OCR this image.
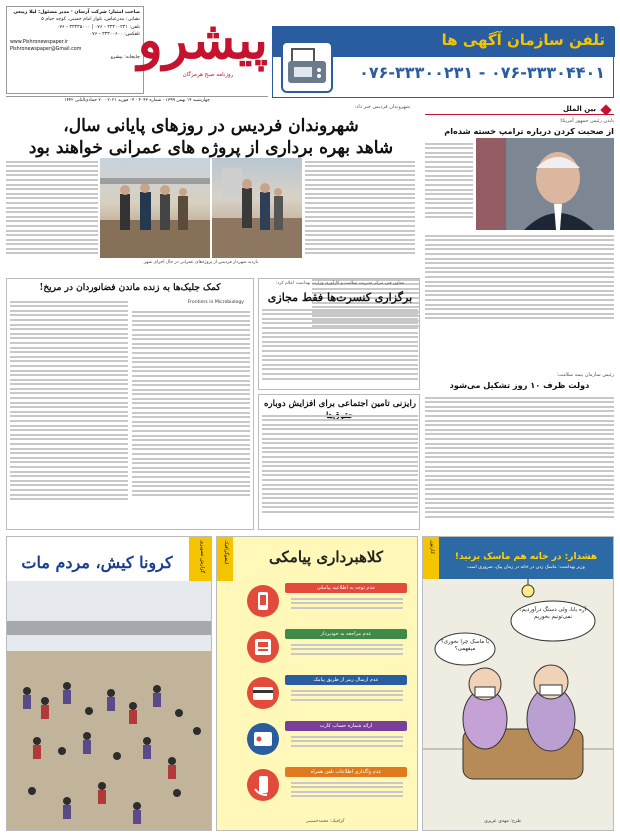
صاحب امتیاز: شرکت آرسان · مدیر مسئول: لیلا ربیعی
نشانی: بندرعباس، بلوار امام خمینی، کوچه خیام ۵
تلفن: ۳۳۳۰۰۲۳۱ - ۰۷۶ | ۳۳۳۳۵۰۰۰ - ۰۷۶
تلفکس: ۳۳۳۰۰۶۰۰ - ۰۷۶
www.Pishronewspaper.ir
Pishronewspaper@Gmail.com
چاپخانه: پیشرو
پیشرو
روزنامه صبح هرمزگان
چهارشنبه ۱۴ بهمن ۱۳۹۹ · شماره ۴۰۴۳ · ۰۴ فوریه ۲۰۲۱ · ۲۰ جمادی‌الثانی ۱۴۴۲
تلفن سازمان آگهی ها
۰۷۶-۳۳۳۰۰۲۳۱ - ۰۷۶-۳۳۳۰۴۴۰۱
شهروندان فردیس خبر داد:
شهروندان فردیس در روزهای پایانی سال،
شاهد بهره برداری از پروژه های عمرانی خواهند بود
بازدید شهردار فردیس از پروژه‌های عمرانی در حال اجرای شهر
بین الملل
بایدن رئیس جمهور آمریکا:
از صحبت کردن درباره ترامپ خسته شده‌ام
رئیس سازمان بیمه سلامت:
دولت ظرف ۱۰ روز تشکیل می‌شود
معاون فنی مرکز مدیریت سلامت و کارآوری وزارت بهداشت اعلام کرد:
برگزاری کنسرت‌ها فقط مجازی
کمک جلبک‌ها به زنده ماندن فضانوردان در مریخ!
Frontiers in Microbiology
رایزنی تامین اجتماعی برای افزایش دوباره
گزارش تصویری
کرونا کیش، مردم مات	اینفوگرافیک	کلاهبرداری پیامکی
عدم توجه به اطلاعیه پیامکی
عدم مراجعه به خودپرداز
عدم ارسال رمز از طریق پیامک
ارائه شماره حساب کارت
عدم واگذاری اطلاعات تلفن همراه
گرافیک: محمدحسینی
کارتون
هشدار: در خانه هم ماسک بزنید!
وزیر بهداشت: ماسک زدن در خانه در زمان پیک، ضروری است
آره بابا، ولی دستگ درآوردیم، نمی‌تونیم بخوریم
با ماسک چرا نخوری؟ میفهمی؟
طرح: مهدی عزیزی
